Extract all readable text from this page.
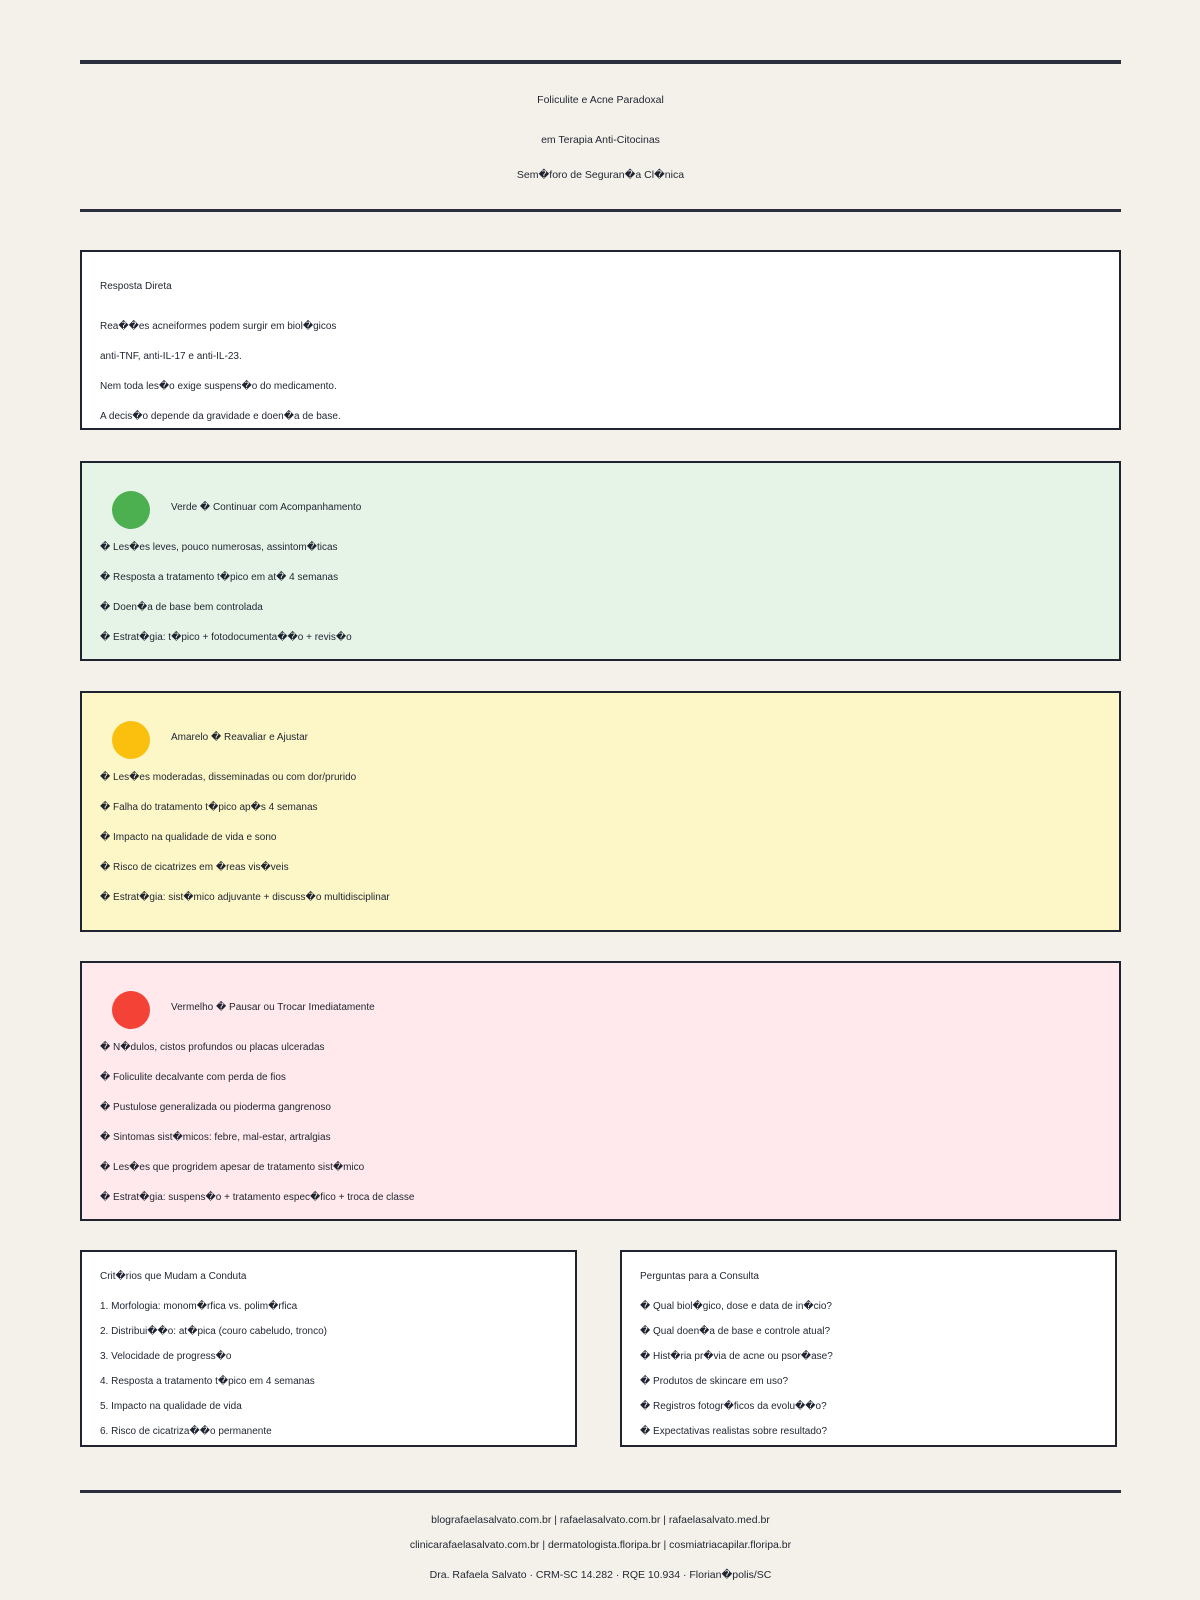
Foliculite e Acne Paradoxal
em Terapia Anti-Citocinas
Sem�foro de Seguran�a Cl�nica
Resposta Direta
Rea��es acneiformes podem surgir em biol�gicos
anti-TNF, anti-IL-17 e anti-IL-23.
Nem toda les�o exige suspens�o do medicamento.
A decis�o depende da gravidade e doen�a de base.
Verde � Continuar com Acompanhamento
� Les�es leves, pouco numerosas, assintom�ticas
� Resposta a tratamento t�pico em at� 4 semanas
� Doen�a de base bem controlada
� Estrat�gia: t�pico + fotodocumenta��o + revis�o
Amarelo � Reavaliar e Ajustar
� Les�es moderadas, disseminadas ou com dor/prurido
� Falha do tratamento t�pico ap�s 4 semanas
� Impacto na qualidade de vida e sono
� Risco de cicatrizes em �reas vis�veis
� Estrat�gia: sist�mico adjuvante + discuss�o multidisciplinar
Vermelho � Pausar ou Trocar Imediatamente
� N�dulos, cistos profundos ou placas ulceradas
� Foliculite decalvante com perda de fios
� Pustulose generalizada ou pioderma gangrenoso
� Sintomas sist�micos: febre, mal-estar, artralgias
� Les�es que progridem apesar de tratamento sist�mico
� Estrat�gia: suspens�o + tratamento espec�fico + troca de classe
Crit�rios que Mudam a Conduta
1. Morfologia: monom�rfica vs. polim�rfica
2. Distribui��o: at�pica (couro cabeludo, tronco)
3. Velocidade de progress�o
4. Resposta a tratamento t�pico em 4 semanas
5. Impacto na qualidade de vida
6. Risco de cicatriza��o permanente
Perguntas para a Consulta
� Qual biol�gico, dose e data de in�cio?
� Qual doen�a de base e controle atual?
� Hist�ria pr�via de acne ou psor�ase?
� Produtos de skincare em uso?
� Registros fotogr�ficos da evolu��o?
� Expectativas realistas sobre resultado?
blografaelasalvato.com.br | rafaelasalvato.com.br | rafaelasalvato.med.br
clinicarafaelasalvato.com.br | dermatologista.floripa.br | cosmiatriacapilar.floripa.br
Dra. Rafaela Salvato · CRM-SC 14.282 · RQE 10.934 · Florian�polis/SC
